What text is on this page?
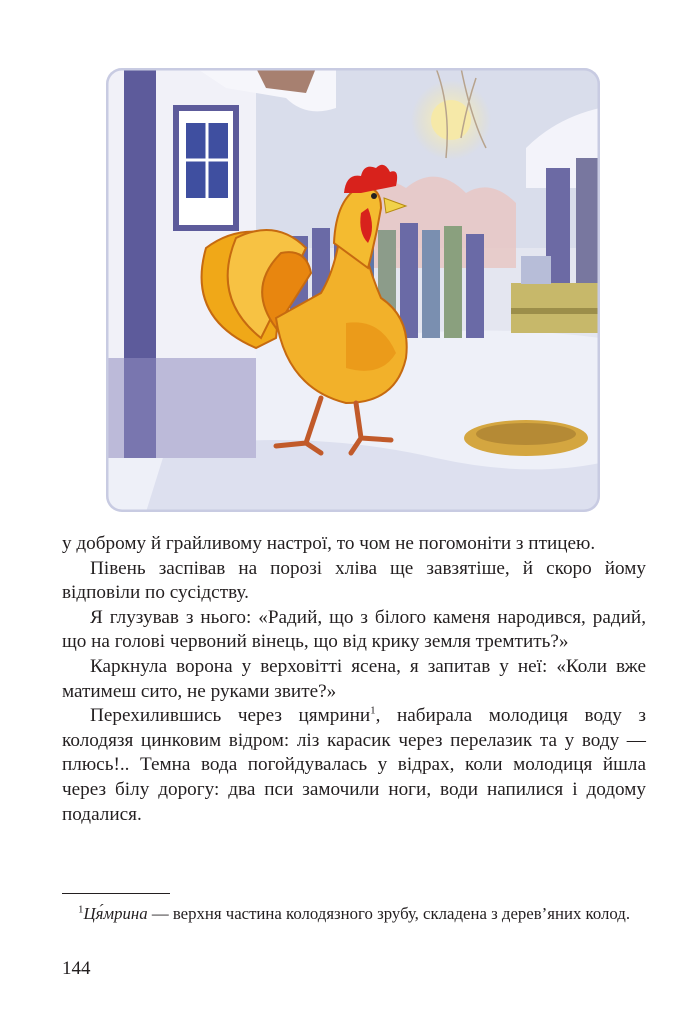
у доброму й грайливому настрої, то чом не погомоніти з птицею.

Півень заспівав на порозі хліва ще завзятіше, й скоро йому відповіли по сусідству.

Я глузував з нього: «Радий, що з білого каменя народився, радий, що на голові червоний вінець, що від крику земля тремтить?»

Каркнула ворона у верховітті ясена, я запитав у неї: «Коли вже матимеш сито, не руками звите?»

Перехилившись через цямрини$^1$, набирала молодиця воду з колодязя цинковим відром: ліз карасик через перелазик та у воду — плюсь!.. Темна вода погойдувалась у відрах, коли молодиця йшла через білу дорогу: два пси замочили ноги, води напилися і додому подалися.

$^1$Ця́мрина — верхня частина колодязного зрубу, складена з дерев’яних колод.

144
